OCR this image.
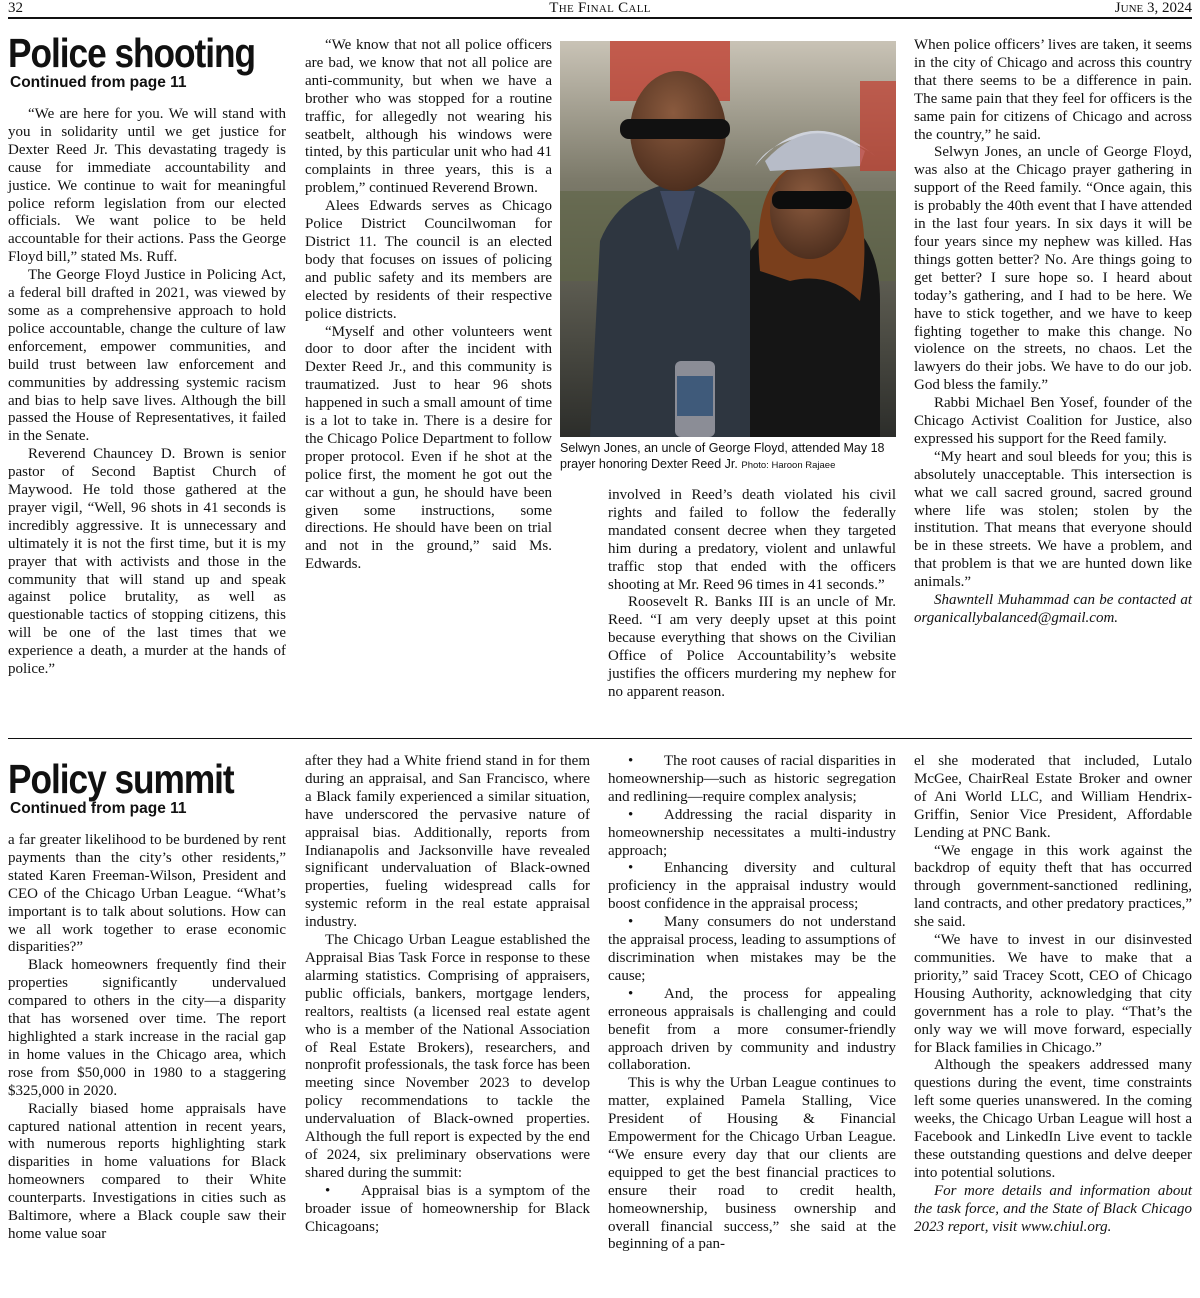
32	The Final Call	June 3, 2024
Police shooting
Continued from page 11

“We are here for you. We will stand with you in solidarity until we get justice for Dexter Reed Jr. This devastating tragedy is cause for immediate accountability and justice. We continue to wait for meaningful police reform legislation from our elected officials. We want police to be held accountable for their actions. Pass the George Floyd bill,” stated Ms. Ruff.

The George Floyd Justice in Policing Act, a federal bill drafted in 2021, was viewed by some as a comprehensive approach to hold police accountable, change the culture of law enforcement, empower communities, and build trust between law enforcement and communities by addressing systemic racism and bias to help save lives. Although the bill passed the House of Representatives, it failed in the Senate.

Reverend Chauncey D. Brown is senior pastor of Second Baptist Church of Maywood. He told those gathered at the prayer vigil, “Well, 96 shots in 41 seconds is incredibly aggressive. It is unnecessary and ultimately it is not the first time, but it is my prayer that with activists and those in the community that will stand up and speak against police brutality, as well as questionable tactics of stopping citizens, this will be one of the last times that we experience a death, a murder at the hands of police.”

“We know that not all police officers are bad, we know that not all police are anti-community, but when we have a brother who was stopped for a routine traffic, for allegedly not wearing his seatbelt, although his windows were tinted, by this particular unit who had 41 complaints in three years, this is a problem,” continued Reverend Brown.

Alees Edwards serves as Chicago Police District Councilwoman for District 11. The council is an elected body that focuses on issues of policing and public safety and its members are elected by residents of their respective police districts.

“Myself and other volunteers went door to door after the incident with Dexter Reed Jr., and this community is traumatized. Just to hear 96 shots happened in such a small amount of time is a lot to take in. There is a desire for the Chicago Police Department to follow proper protocol. Even if he shot at the police first, the moment he got out the car without a gun, he should have been given some instructions, some directions. He should have been on trial and not in the ground,” said Ms. Edwards.

Selwyn Jones, an uncle of George Floyd, attended May 18 prayer honoring Dexter Reed Jr. Photo: Haroon Rajaee

involved in Reed’s death violated his civil rights and failed to follow the federally mandated consent decree when they targeted him during a predatory, violent and unlawful traffic stop that ended with the officers shooting at Mr. Reed 96 times in 41 seconds.”

Roosevelt R. Banks III is an uncle of Mr. Reed. “I am very deeply upset at this point because everything that shows on the Civilian Office of Police Accountability’s website justifies the officers murdering my nephew for no apparent reason.

When police officers’ lives are taken, it seems in the city of Chicago and across this country that there seems to be a difference in pain. The same pain that they feel for officers is the same pain for citizens of Chicago and across the country,” he said.

Selwyn Jones, an uncle of George Floyd, was also at the Chicago prayer gathering in support of the Reed family. “Once again, this is probably the 40th event that I have attended in the last four years. In six days it will be four years since my nephew was killed. Has things gotten better? No. Are things going to get better? I sure hope so. I heard about today’s gathering, and I had to be here. We have to stick together, and we have to keep fighting together to make this change. No violence on the streets, no chaos. Let the lawyers do their jobs. We have to do our job. God bless the family.”

Rabbi Michael Ben Yosef, founder of the Chicago Activist Coalition for Justice, also expressed his support for the Reed family.

“My heart and soul bleeds for you; this is absolutely unacceptable. This intersection is what we call sacred ground, sacred ground where life was stolen; stolen by the institution. That means that everyone should be in these streets. We have a problem, and that problem is that we are hunted down like animals.”

Shawntell Muhammad can be contacted at organicallybalanced@gmail.com.

Policy summit
Continued from page 11

a far greater likelihood to be burdened by rent payments than the city’s other residents,” stated Karen Freeman-Wilson, President and CEO of the Chicago Urban League. “What’s important is to talk about solutions. How can we all work together to erase economic disparities?”

Black homeowners frequently find their properties significantly undervalued compared to others in the city—a disparity that has worsened over time. The report highlighted a stark increase in the racial gap in home values in the Chicago area, which rose from $50,000 in 1980 to a staggering $325,000 in 2020.

Racially biased home appraisals have captured national attention in recent years, with numerous reports highlighting stark disparities in home valuations for Black homeowners compared to their White counterparts. Investigations in cities such as Baltimore, where a Black couple saw their home value soar

after they had a White friend stand in for them during an appraisal, and San Francisco, where a Black family experienced a similar situation, have underscored the pervasive nature of appraisal bias. Additionally, reports from Indianapolis and Jacksonville have revealed significant undervaluation of Black-owned properties, fueling widespread calls for systemic reform in the real estate appraisal industry.

The Chicago Urban League established the Appraisal Bias Task Force in response to these alarming statistics. Comprising of appraisers, public officials, bankers, mortgage lenders, realtors, realtists (a licensed real estate agent who is a member of the National Association of Real Estate Brokers), researchers, and nonprofit professionals, the task force has been meeting since November 2023 to develop policy recommendations to tackle the undervaluation of Black-owned properties. Although the full report is expected by the end of 2024, six preliminary observations were shared during the summit:

• Appraisal bias is a symptom of the broader issue of homeownership for Black Chicagoans;

• The root causes of racial disparities in homeownership—such as historic segregation and redlining—require complex analysis;

• Addressing the racial disparity in homeownership necessitates a multi-industry approach;

• Enhancing diversity and cultural proficiency in the appraisal industry would boost confidence in the appraisal process;

• Many consumers do not understand the appraisal process, leading to assumptions of discrimination when mistakes may be the cause;

• And, the process for appealing erroneous appraisals is challenging and could benefit from a more consumer-friendly approach driven by community and industry collaboration.

This is why the Urban League continues to matter, explained Pamela Stalling, Vice President of Housing & Financial Empowerment for the Chicago Urban League. “We ensure every day that our clients are equipped to get the best financial practices to ensure their road to credit health, homeownership, business ownership and overall financial success,” she said at the beginning of a pan-

el she moderated that included, Lutalo McGee, ChairReal Estate Broker and owner of Ani World LLC, and William Hendrix-Griffin, Senior Vice President, Affordable Lending at PNC Bank.

“We engage in this work against the backdrop of equity theft that has occurred through government-sanctioned redlining, land contracts, and other predatory practices,” she said.

“We have to invest in our disinvested communities. We have to make that a priority,” said Tracey Scott, CEO of Chicago Housing Authority, acknowledging that city government has a role to play. “That’s the only way we will move forward, especially for Black families in Chicago.”

Although the speakers addressed many questions during the event, time constraints left some queries unanswered. In the coming weeks, the Chicago Urban League will host a Facebook and LinkedIn Live event to tackle these outstanding questions and delve deeper into potential solutions.

For more details and information about the task force, and the State of Black Chicago 2023 report, visit www.chiul.org.
